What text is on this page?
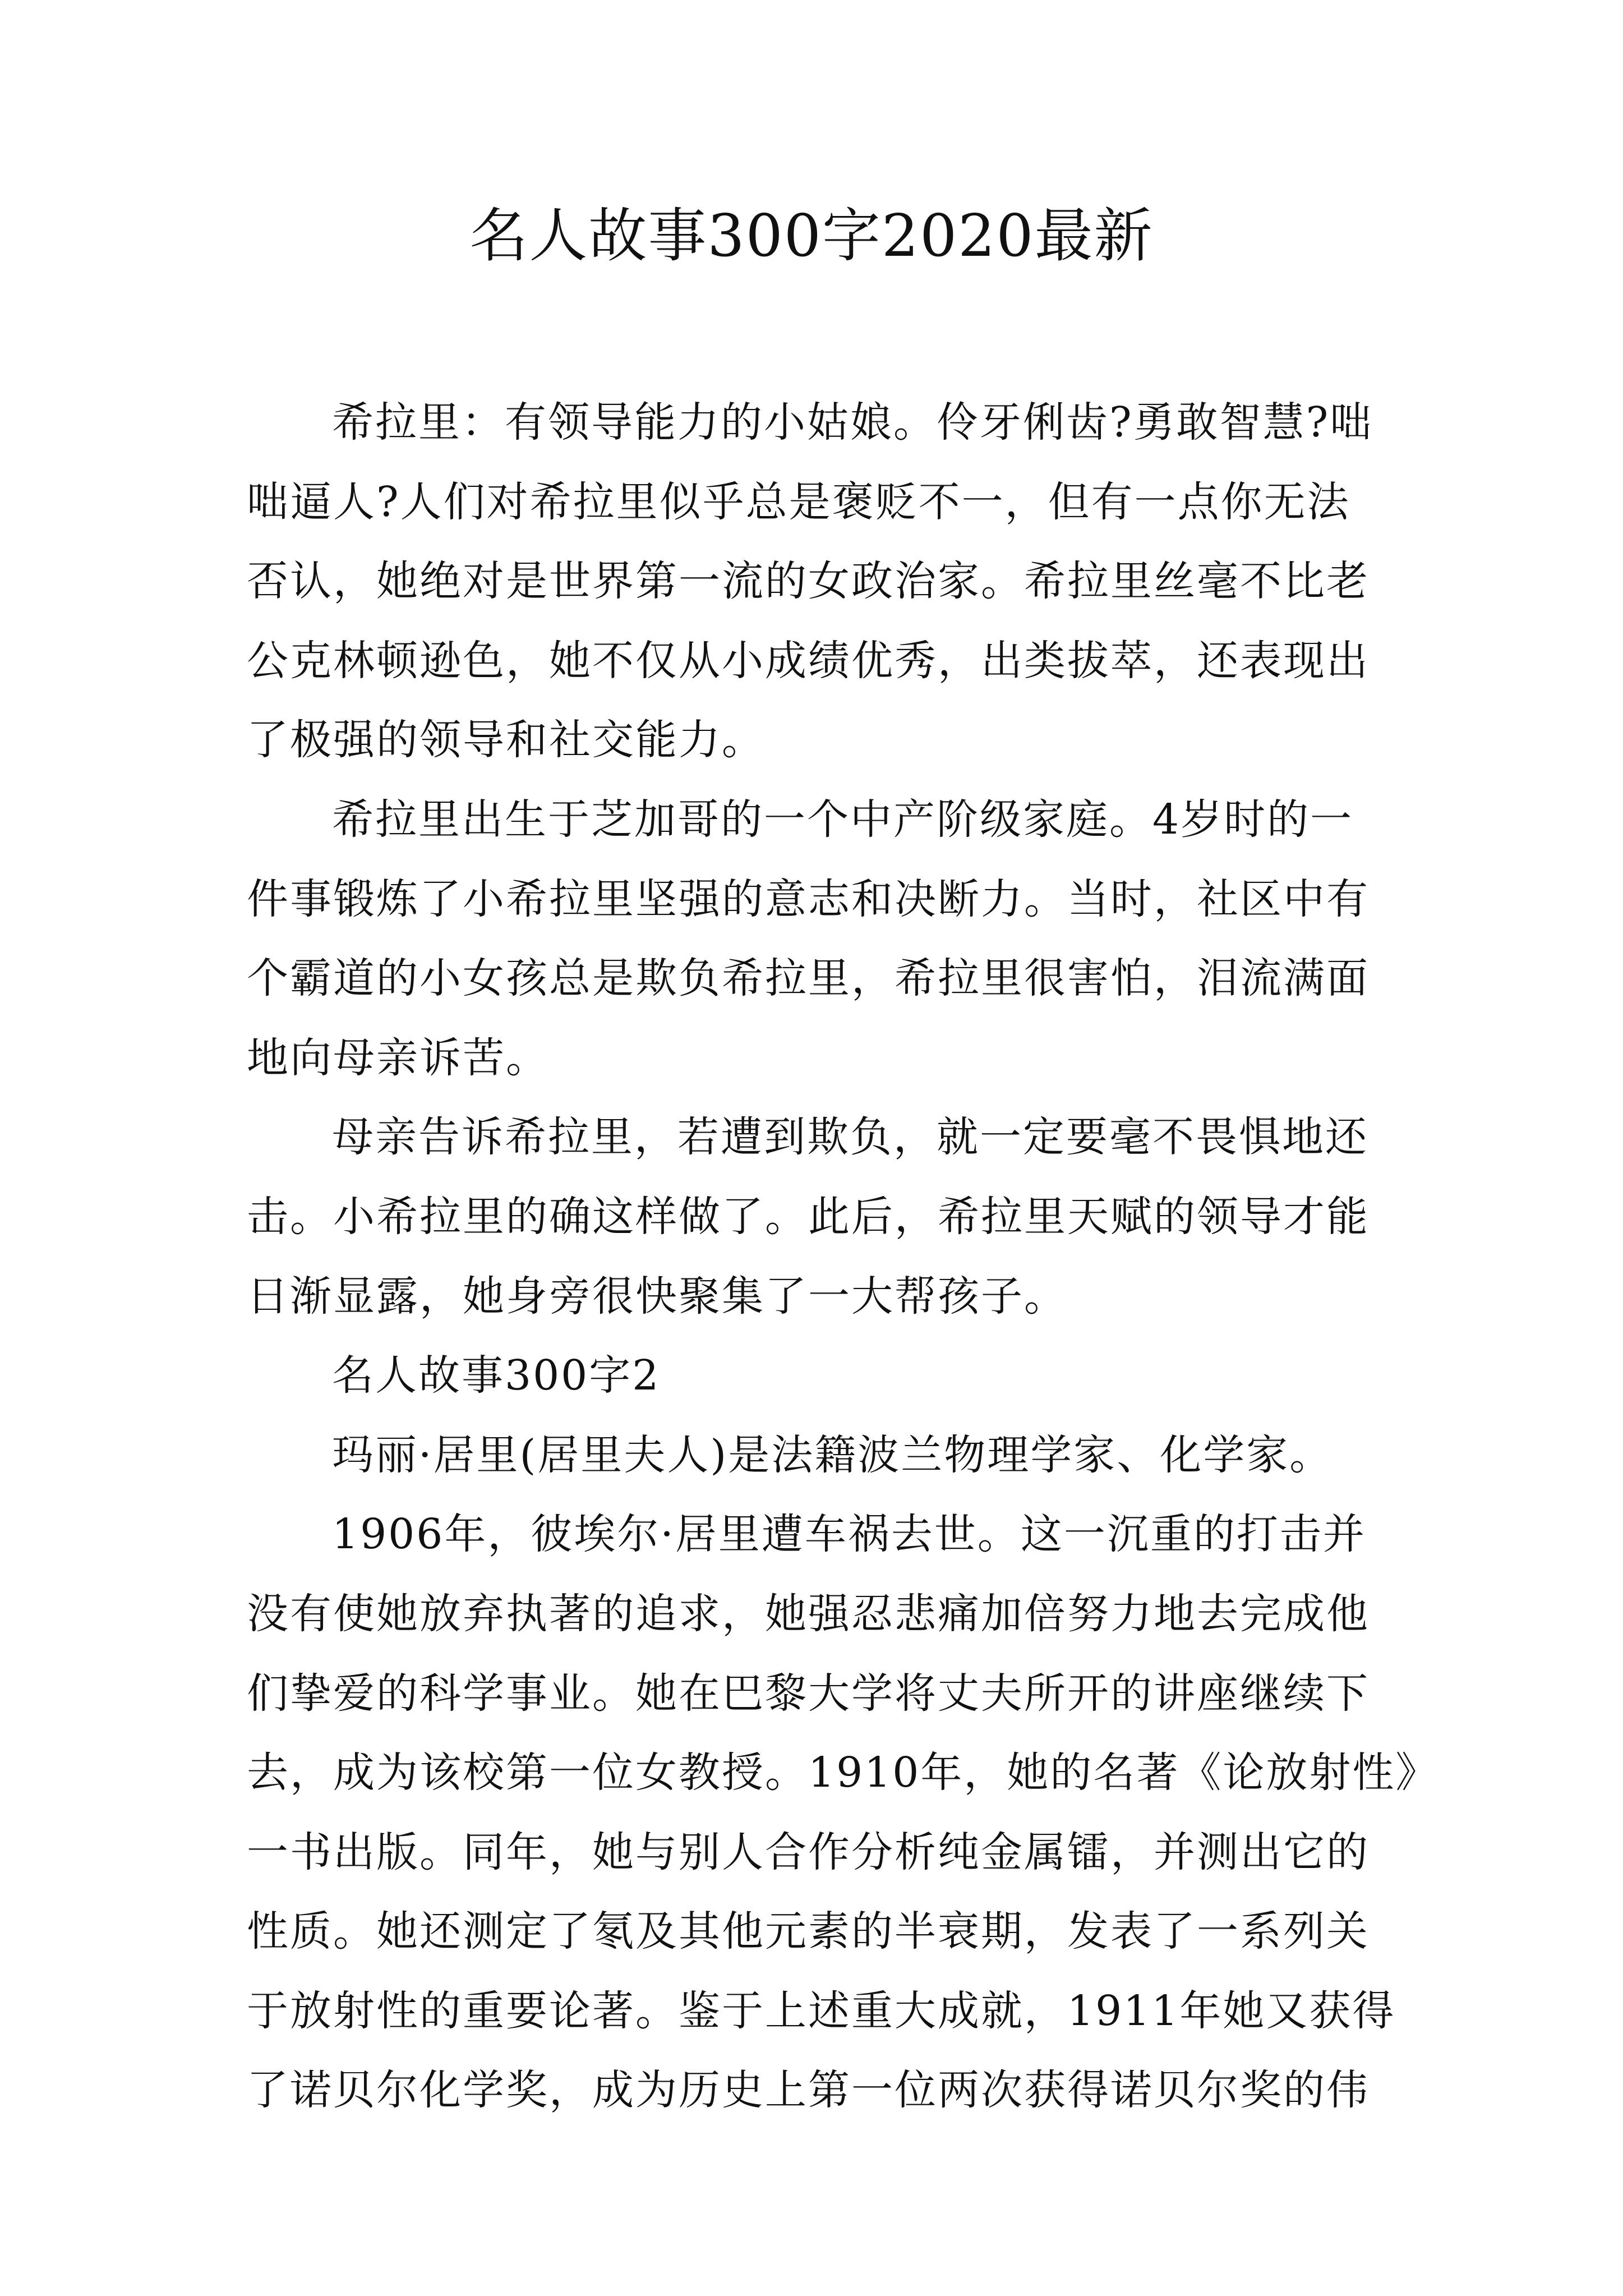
名人故事300字2020最新
希拉里：有领导能力的小姑娘。伶牙俐齿?勇敢智慧?咄
咄逼人?人们对希拉里似乎总是褒贬不一，但有一点你无法
否认，她绝对是世界第一流的女政治家。希拉里丝毫不比老
公克林顿逊色，她不仅从小成绩优秀，出类拔萃，还表现出
了极强的领导和社交能力。
希拉里出生于芝加哥的一个中产阶级家庭。4岁时的一
件事锻炼了小希拉里坚强的意志和决断力。当时，社区中有
个霸道的小女孩总是欺负希拉里，希拉里很害怕，泪流满面
地向母亲诉苦。
母亲告诉希拉里，若遭到欺负，就一定要毫不畏惧地还
击。小希拉里的确这样做了。此后，希拉里天赋的领导才能
日渐显露，她身旁很快聚集了一大帮孩子。
名人故事300字2
玛丽·居里(居里夫人)是法籍波兰物理学家、化学家。
1906年，彼埃尔·居里遭车祸去世。这一沉重的打击并
没有使她放弃执著的追求，她强忍悲痛加倍努力地去完成他
们挚爱的科学事业。她在巴黎大学将丈夫所开的讲座继续下
去，成为该校第一位女教授。1910年，她的名著《论放射性》
一书出版。同年，她与别人合作分析纯金属镭，并测出它的
性质。她还测定了氡及其他元素的半衰期，发表了一系列关
于放射性的重要论著。鉴于上述重大成就，1911年她又获得
了诺贝尔化学奖，成为历史上第一位两次获得诺贝尔奖的伟
